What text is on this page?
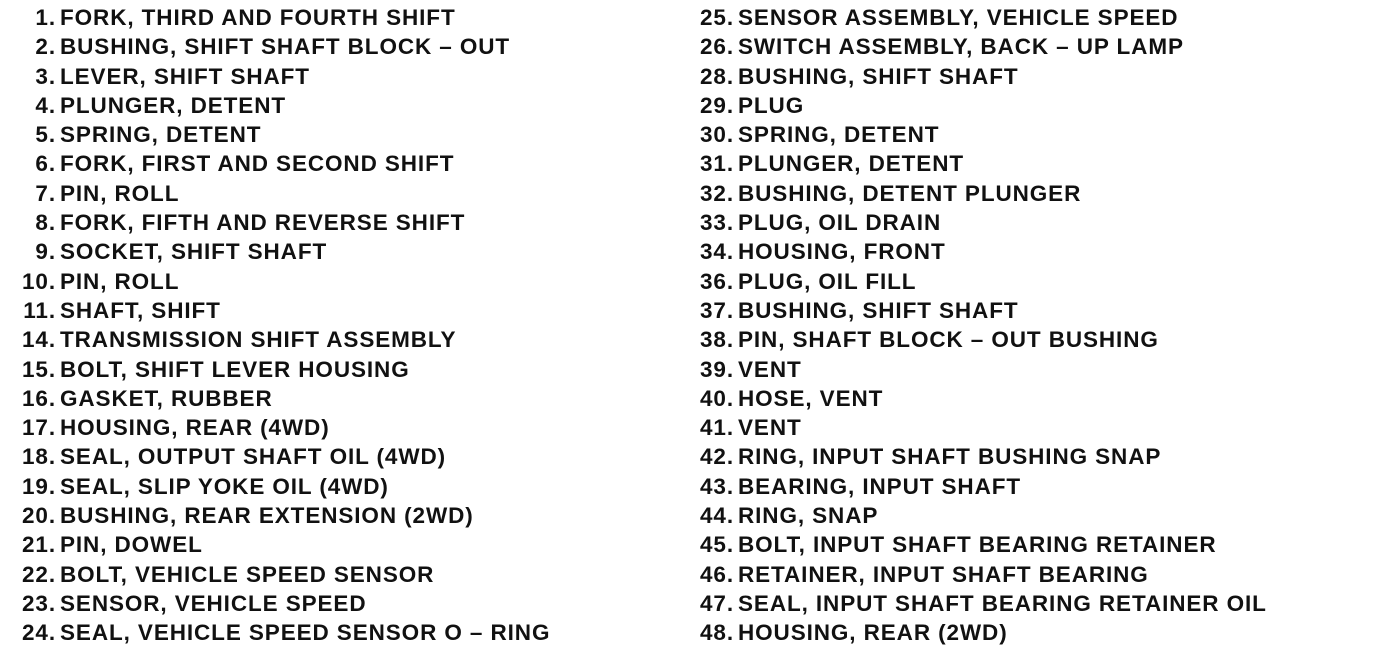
1. FORK, THIRD AND FOURTH SHIFT
2. BUSHING, SHIFT SHAFT BLOCK – OUT
3. LEVER, SHIFT SHAFT
4. PLUNGER, DETENT
5. SPRING, DETENT
6. FORK, FIRST AND SECOND SHIFT
7. PIN, ROLL
8. FORK, FIFTH AND REVERSE SHIFT
9. SOCKET, SHIFT SHAFT
10. PIN, ROLL
11. SHAFT, SHIFT
14. TRANSMISSION SHIFT ASSEMBLY
15. BOLT, SHIFT LEVER HOUSING
16. GASKET, RUBBER
17. HOUSING, REAR (4WD)
18. SEAL, OUTPUT SHAFT OIL (4WD)
19. SEAL, SLIP YOKE OIL (4WD)
20. BUSHING, REAR EXTENSION (2WD)
21. PIN, DOWEL
22. BOLT, VEHICLE SPEED SENSOR
23. SENSOR, VEHICLE SPEED
24. SEAL, VEHICLE SPEED SENSOR O – RING
25. SENSOR ASSEMBLY, VEHICLE SPEED
26. SWITCH ASSEMBLY, BACK – UP LAMP
28. BUSHING, SHIFT SHAFT
29. PLUG
30. SPRING, DETENT
31. PLUNGER, DETENT
32. BUSHING, DETENT PLUNGER
33. PLUG, OIL DRAIN
34. HOUSING, FRONT
36. PLUG, OIL FILL
37. BUSHING, SHIFT SHAFT
38. PIN, SHAFT BLOCK – OUT BUSHING
39. VENT
40. HOSE, VENT
41. VENT
42. RING, INPUT SHAFT BUSHING SNAP
43. BEARING, INPUT SHAFT
44. RING, SNAP
45. BOLT, INPUT SHAFT BEARING RETAINER
46. RETAINER, INPUT SHAFT BEARING
47. SEAL, INPUT SHAFT BEARING RETAINER OIL
48. HOUSING, REAR (2WD)
